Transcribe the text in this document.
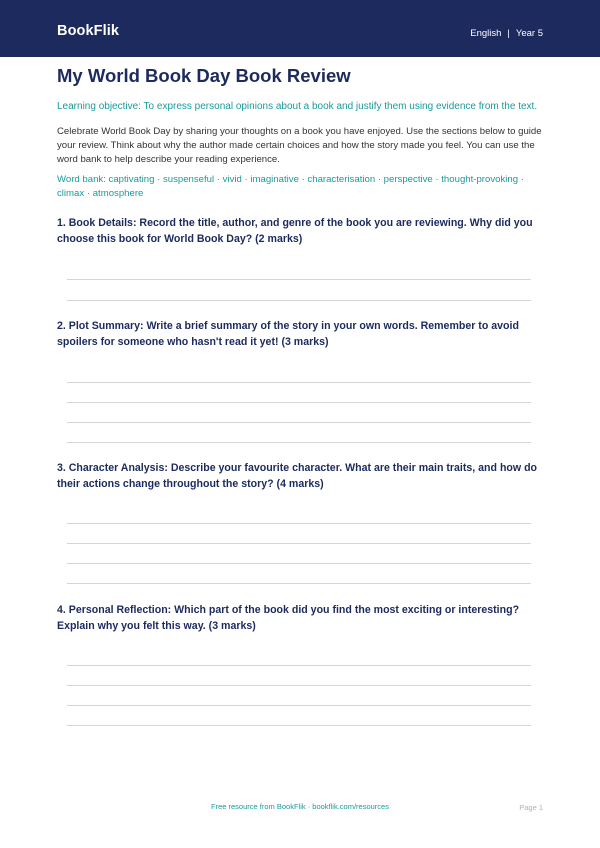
BookFlik	English | Year 5
My World Book Day Book Review

Learning objective: To express personal opinions about a book and justify them using evidence from the text.

Celebrate World Book Day by sharing your thoughts on a book you have enjoyed. Use the sections below to guide your review. Think about why the author made certain choices and how the story made you feel. You can use the word bank to help describe your reading experience.

Word bank: captivating · suspenseful · vivid · imaginative · characterisation · perspective · thought-provoking · climax · atmosphere

1. Book Details: Record the title, author, and genre of the book you are reviewing. Why did you choose this book for World Book Day? (2 marks)

2. Plot Summary: Write a brief summary of the story in your own words. Remember to avoid spoilers for someone who hasn't read it yet! (3 marks)

3. Character Analysis: Describe your favourite character. What are their main traits, and how do their actions change throughout the story? (4 marks)

4. Personal Reflection: Which part of the book did you find the most exciting or interesting? Explain why you felt this way. (3 marks)

Free resource from BookFlik · bookflik.com/resources	Page 1
